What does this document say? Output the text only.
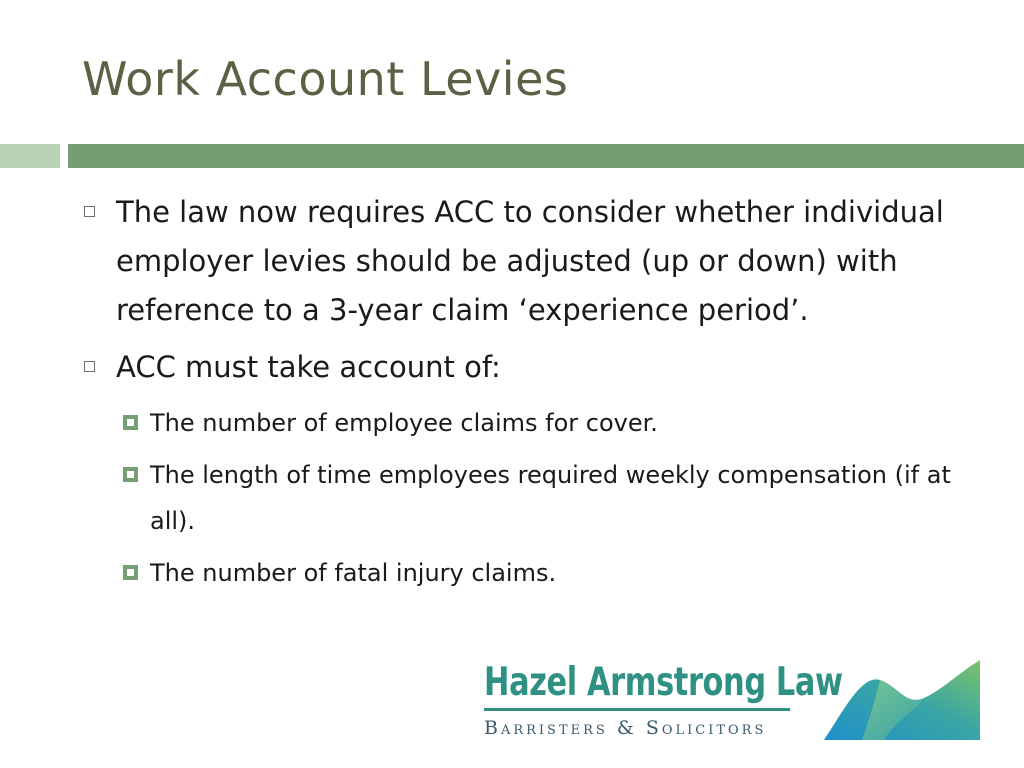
Work Account Levies
The law now requires ACC to consider whether individual employer levies should be adjusted (up or down) with reference to a 3-year claim ‘experience period’.
ACC must take account of:
The number of employee claims for cover.
The length of time employees required weekly compensation (if at all).
The number of fatal injury claims.
Hazel Armstrong Law
Barristers & Solicitors
